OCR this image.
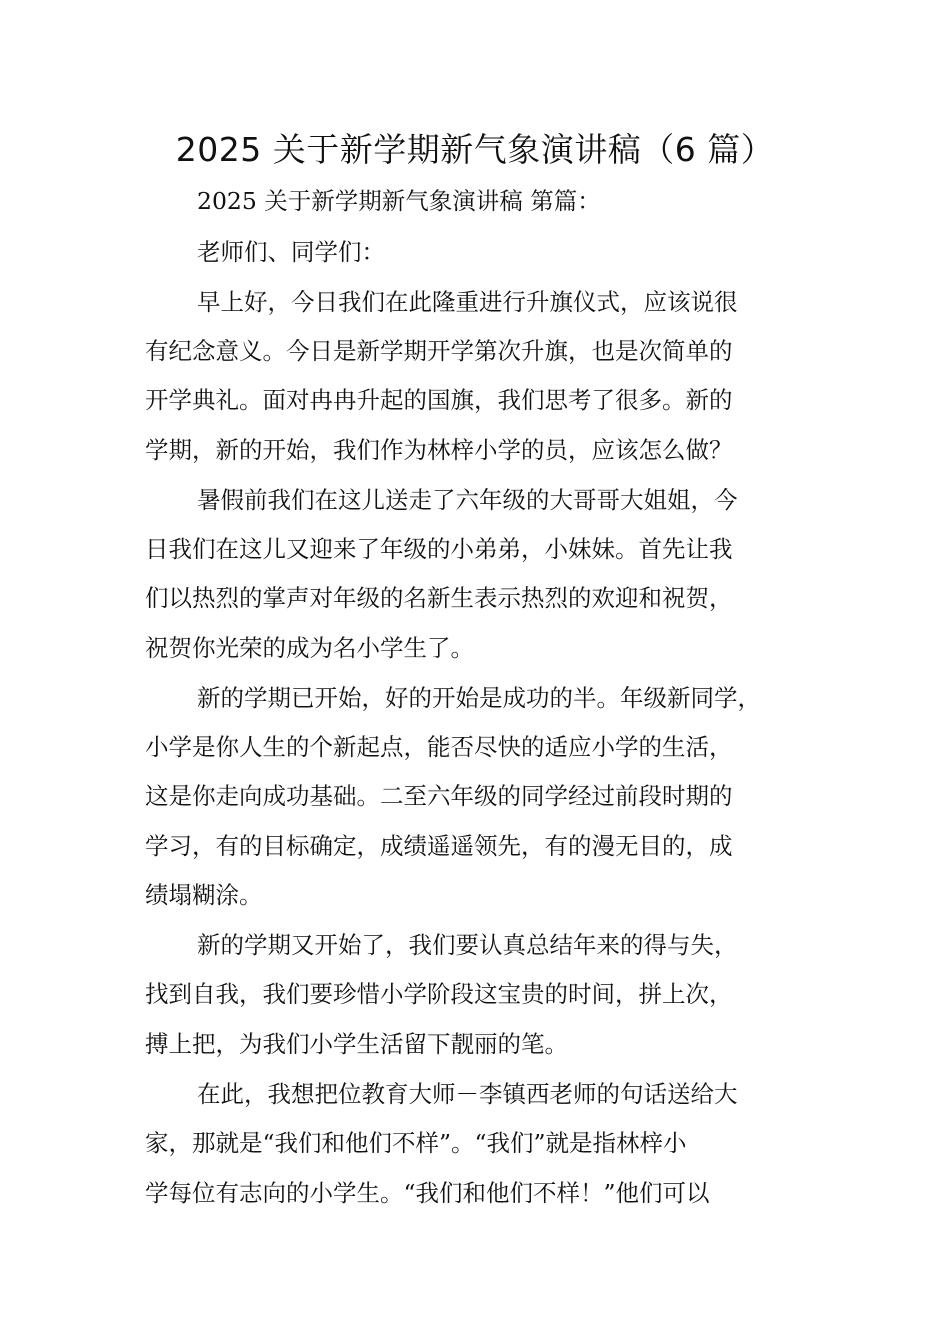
2025 关于新学期新气象演讲稿（6 篇）
2025 关于新学期新气象演讲稿 第篇：
老师们、同学们：
早上好，今日我们在此隆重进行升旗仪式，应该说很
有纪念意义。今日是新学期开学第次升旗，也是次简单的
开学典礼。面对冉冉升起的国旗，我们思考了很多。新的
学期，新的开始，我们作为林梓小学的员，应该怎么做？
暑假前我们在这儿送走了六年级的大哥哥大姐姐，今
日我们在这儿又迎来了年级的小弟弟，小妹妹。首先让我
们以热烈的掌声对年级的名新生表示热烈的欢迎和祝贺，
祝贺你光荣的成为名小学生了。
新的学期已开始，好的开始是成功的半。年级新同学，
小学是你人生的个新起点，能否尽快的适应小学的生活，
这是你走向成功基础。二至六年级的同学经过前段时期的
学习，有的目标确定，成绩遥遥领先，有的漫无目的，成
绩塌糊涂。
新的学期又开始了，我们要认真总结年来的得与失，
找到自我，我们要珍惜小学阶段这宝贵的时间，拼上次，
搏上把，为我们小学生活留下靓丽的笔。
在此，我想把位教育大师－李镇西老师的句话送给大
家，那就是“我们和他们不样”。“我们”就是指林梓小
学每位有志向的小学生。“我们和他们不样！”他们可以
